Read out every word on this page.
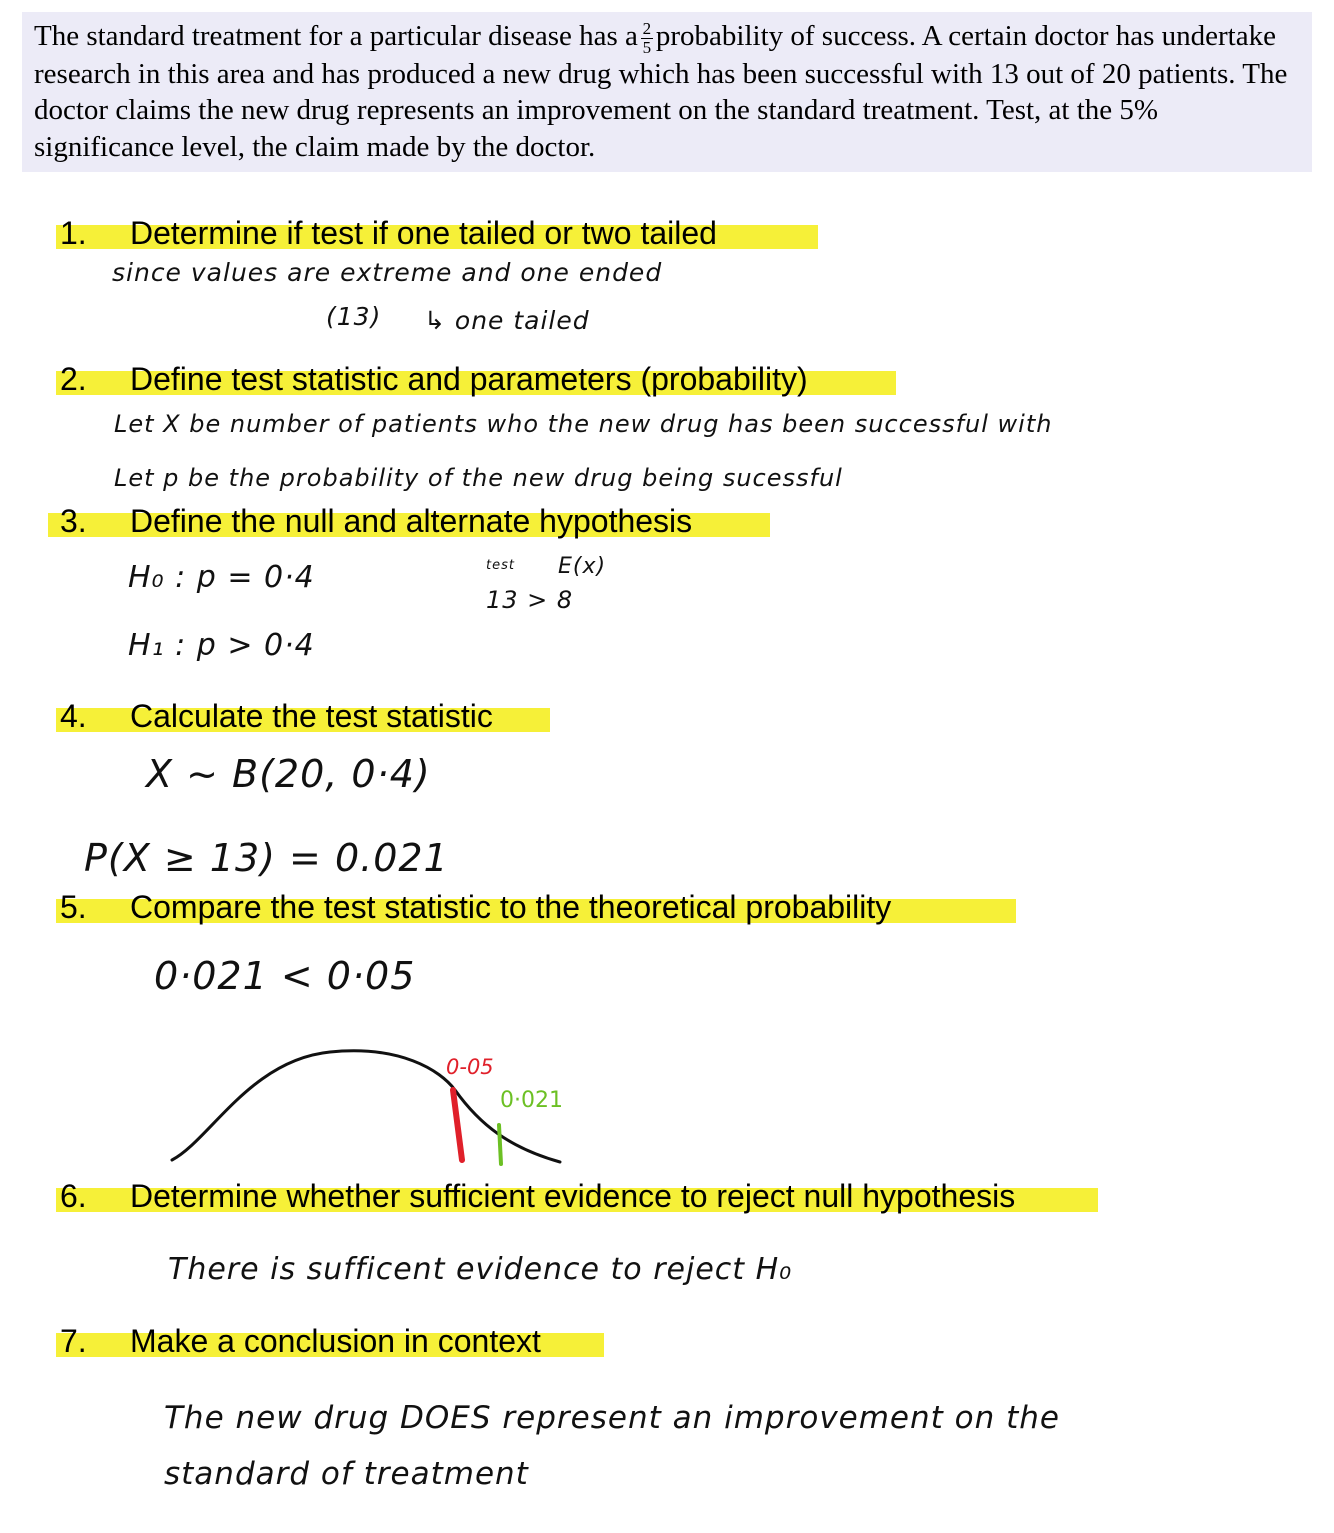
The standard treatment for a particular disease has a $\frac{2}{5}$ probability of success. A certain doctor has undertake research in this area and has produced a new drug which has been successful with 13 out of 20 patients. The doctor claims the new drug represents an improvement on the standard treatment. Test, at the 5% significance level, the claim made by the doctor.
1. Determine if test if one tailed or two tailed
2. Define test statistic and parameters (probability)
3. Define the null and alternate hypothesis
4. Calculate the test statistic
5. Compare the test statistic to the theoretical probability
6. Determine whether sufficient evidence to reject null hypothesis
7. Make a conclusion in context
since values are extreme and one ended
(13) ↳ one tailed
Let X be number of patients who the new drug has been successful with
Let p be the probability of the new drug being sucessful
H₀ : p = 0·4
H₁ : p > 0·4
test E(x)
13 > 8
X ~ B(20, 0·4)
P(X ≥ 13) = 0.021
0·021 < 0·05
0-05
0·021
There is sufficent evidence to reject H₀
The new drug DOES represent an improvement on the
standard of treatment
